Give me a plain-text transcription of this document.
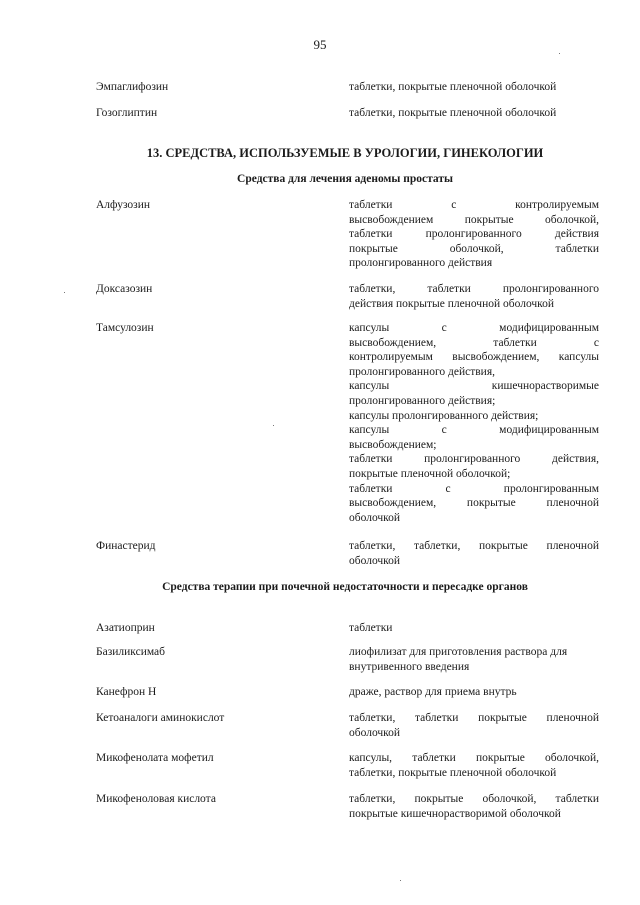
95
Эмпаглифозин	таблетки, покрытые пленочной оболочкой
Гозоглиптин	таблетки, покрытые пленочной оболочкой
13. СРЕДСТВА, ИСПОЛЬЗУЕМЫЕ В УРОЛОГИИ, ГИНЕКОЛОГИИ
Средства для лечения аденомы простаты
Алфузозин	таблетки с контролируемым
высвобождением покрытые оболочкой,
таблетки пролонгированного действия
покрытые оболочкой, таблетки
пролонгированного действия
Доксазозин	таблетки, таблетки пролонгированного
действия покрытые пленочной оболочкой
Тамсулозин	капсулы с модифицированным
высвобождением, таблетки с
контролируемым высвобождением, капсулы
пролонгированного действия,
капсулы кишечнорастворимые
пролонгированного действия;
капсулы пролонгированного действия;
капсулы с модифицированным
высвобождением;
таблетки пролонгированного действия,
покрытые пленочной оболочкой;
таблетки с пролонгированным
высвобождением, покрытые пленочной
оболочкой
Финастерид	таблетки, таблетки, покрытые пленочной
оболочкой
Средства терапии при почечной недостаточности и пересадке органов
Азатиоприн	таблетки
Базиликсимаб	лиофилизат для приготовления раствора для
внутривенного введения
Канефрон Н	драже, раствор для приема внутрь
Кетоаналоги аминокислот	таблетки, таблетки покрытые пленочной
оболочкой
Микофенолата мофетил	капсулы, таблетки покрытые оболочкой,
таблетки, покрытые пленочной оболочкой
Микофеноловая кислота	таблетки, покрытые оболочкой, таблетки
покрытые кишечнорастворимой оболочкой
